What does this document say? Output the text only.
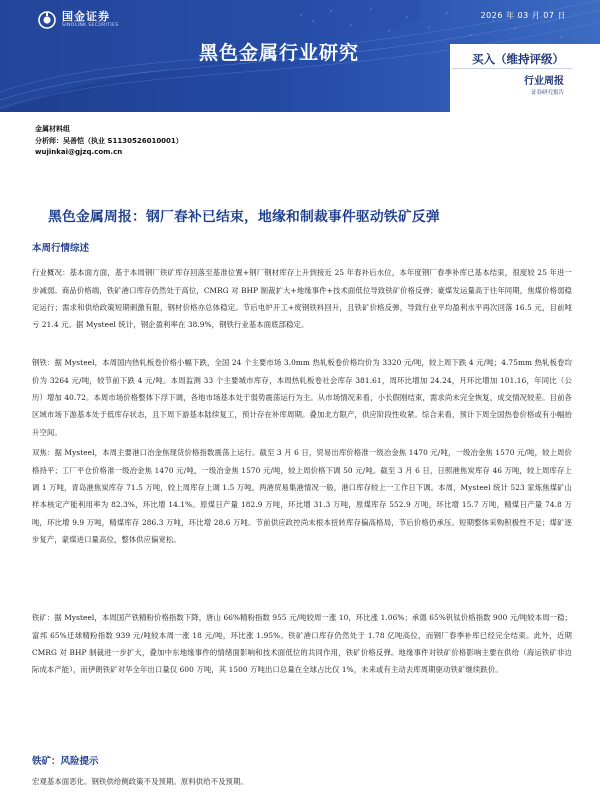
国金证券
SINOLINK SECURITIES
2026 年 03 月 07 日
黑色金属行业研究	买入（维持评级）
行业周报
证券研究报告
金属材料组
分析师：吴善恺（执业 S1130526010001）
wujinkai@gjzq.com.cn
黑色金属周报：钢厂春补已结束，地缘和制裁事件驱动铁矿反弹
本周行情综述

行业概况：基本面方面，基于本周钢厂铁矿库存回落至基准位置+钢厂钢材库存上升到接近 25 年春补后水位，本年度钢厂春季补库已基本结束，很度较 25 年进一步减弱。商品价格端，铁矿港口库存仍然处于高位，CMRG 对 BHP 制裁扩大+地缘事件+技术面低位导致铁矿价格反弹；豪煤发运量高于往年同期，焦煤价格弱稳定运行；需求和供给政策短期刺激有限，钢材价格亦总体稳定。节后电炉开工+废钢铁料回升，且铁矿价格反弹，导致行业平均盈利水平再次回落 16.5 元，目前吨亏 21.4 元。据 Mysteel 统计，钢企盈利率在 38.9%，钢铁行业基本面底部稳定。

钢铁：据 Mysteel，本周国内热轧板卷价格小幅下跌，全国 24 个主要市场 3.0mm 热轧板卷价格均价为 3320 元/吨，较上周下跌 4 元/吨；4.75mm 热轧板卷均价为 3264 元/吨，较节前下跌 4 元/吨。本周监测 33 个主要城市库存，本周热轧板卷社会库存 381.61，周环比增加 24.24，月环比增加 101.16，年同比（公历）增加 40.72。本周市场价格整体下浮下调，各地市场基本处于弱势震荡运行为主。从市场情况来看，小长假刚结束，需求尚未完全恢复，成交情况较差。目前各区域市场下游基本处于低库存状态，且下周下游基本陆续复工，预计存在补库周期。叠加北方限产，供应阶段性收紧。综合来看，预计下周全国热卷价格或有小幅抬升空间。

双焦：据 Mysteel，本周主要港口冶金焦现货价格指数震荡上运行。截至 3 月 6 日，贸易出库价格准一级冶金焦 1470 元/吨，一级冶金焦 1570 元/吨，较上周价格持平；工厂平仓价格准一级冶金焦 1470 元/吨，一级冶金焦 1570 元/吨，较上周价格下调 50 元/吨。截至 3 月 6 日，日照港焦炭库存 46 万吨，较上周库存上调 1 万吨，青岛港焦炭库存 71.5 万吨，较上周库存上调 1.5 万吨，两港贸易集港情况一般，港口库存较上一工作日下调。本周，Mysteel 统计 523 家炼焦煤矿山样本核定产能利用率为 82.3%，环比增 14.1%。原煤日产量 182.9 万吨，环比增 31.3 万吨，原煤库存 552.9 万吨，环比增 15.7 万吨，精煤日产量 74.8 万吨，环比增 9.9 万吨，精煤库存 286.3 万吨，环比增 28.6 万吨。节前供应政控尚未根本扭转库存偏高格局，节后价格仍承压。短期整体采购积极性不足；煤矿逐步复产，蒙煤进口量高位，整体供应偏宽松。

铁矿：据 Mysteel，本周国产铁精粉价格指数下降，唐山 66%精粉指数 955 元/吨较周一涨 10，环比涨 1.06%；承德 65%钒钛价格指数 900 元/吨较本周一稳；富邦 65%迁球精粉指数 939 元/吨较本周一涨 18 元/吨，环比涨 1.95%。铁矿港口库存仍然处于 1.78 亿吨高位，而钢厂春季补库已经完全结束。此外，近期 CMRG 对 BHP 制裁进一步扩大，叠加中东地缘事件的情绪面影响和技术面低位的共同作用，铁矿价格反弹。地缘事件对铁矿价格影响主要在供给（海运铁矿非边际成本产能），而伊朗铁矿对华全年出口量仅 600 万吨，其 1500 万吨出口总量在全球占比仅 1%，未来或有主动去库周期驱动铁矿继续跌价。

铁矿：风险提示

宏观基本面恶化。钢铁供给侧政策不及预期。原料供给不及预期。
